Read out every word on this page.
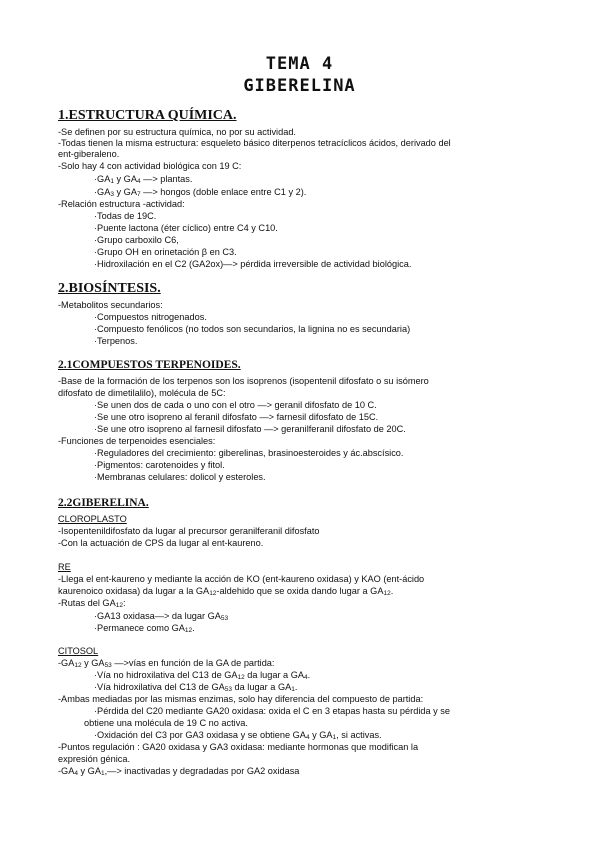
TEMA 4
GIBERELINA
1.ESTRUCTURA QUÍMICA.
-Se definen por su estructura química, no por su actividad.
-Todas tienen la misma estructura: esqueleto básico diterpenos tetracíclicos ácidos, derivado del
ent-giberaleno.
-Solo hay 4 con actividad biológica con 19 C:
$\cdot GA_1$ y $GA_4$ —> plantas.
$\cdot GA_3$ y $GA_7$ —> hongos (doble enlace entre C1 y 2).
-Relación estructura -actividad:
·Todas de 19C.
·Puente lactona (éter cíclico) entre C4 y C10.
·Grupo carboxilo C6,
·Grupo OH en orinetación β en C3.
·Hidroxilación en el C2 (GA2ox)—> pérdida irreversible de actividad biológica.
2.BIOSÍNTESIS.
-Metabolitos secundarios:
·Compuestos nitrogenados.
·Compuesto fenólicos (no todos son secundarios, la lignina no es secundaria)
·Terpenos.
2.1COMPUESTOS TERPENOIDES.
-Base de la formación de los terpenos son los isoprenos (isopentenil difosfato o su isómero
difosfato de dimetilalilo), molécula de 5C:
·Se unen dos de cada o uno con el otro —> geranil difosfato de 10 C.
·Se une otro isopreno al feranil difosfato —> farnesil difosfato de 15C.
·Se une otro isopreno al farnesil difosfato —> geranilferanil difosfato de 20C.
-Funciones de terpenoides esenciales:
·Reguladores del crecimiento: giberelinas, brasinoesteroides y ác.abscísico.
·Pigmentos: carotenoides y fitol.
·Membranas celulares: dolicol y esteroles.
2.2GIBERELINA.
CLOROPLASTO
-Isopentenildifosfato da lugar al precursor geranilferanil difosfato
-Con la actuación de CPS da lugar al ent-kaureno.
RE
-Llega el ent-kaureno y mediante la acción de KO (ent-kaureno oxidasa) y KAO (ent-ácido
kaurenoico oxidasa) da lugar a la $GA_{12}$-aldehido que se oxida dando lugar a $GA_{12}$.
-Rutas del $GA_{12}$:
·GA13 oxidasa—> da lugar $GA_{53}$
·Permanece como $GA_{12}$.
CITOSOL
$-GA_{12}$ y $GA_{53}$ —>vías en función de la GA de partida:
·Vía no hidroxilativa del C13 de $GA_{12}$ da lugar a $GA_4$.
·Vía hidroxilativa del C13 de $GA_{53}$ da lugar a $GA_1$.
-Ambas mediadas por las mismas enzimas, solo hay diferencia del compuesto de partida:
·Pérdida del C20 mediante GA20 oxidasa: oxida el C en 3 etapas hasta su pérdida y se
obtiene una molécula de 19 C no activa.
·Oxidación del C3 por GA3 oxidasa y se obtiene $GA_4$ y $GA_1$, si activas.
-Puntos regulación : GA20 oxidasa y GA3 oxidasa: mediante hormonas que modifican la
expresión génica.
$-GA_4$ y $GA_1,—>$ inactivadas y degradadas por GA2 oxidasa
